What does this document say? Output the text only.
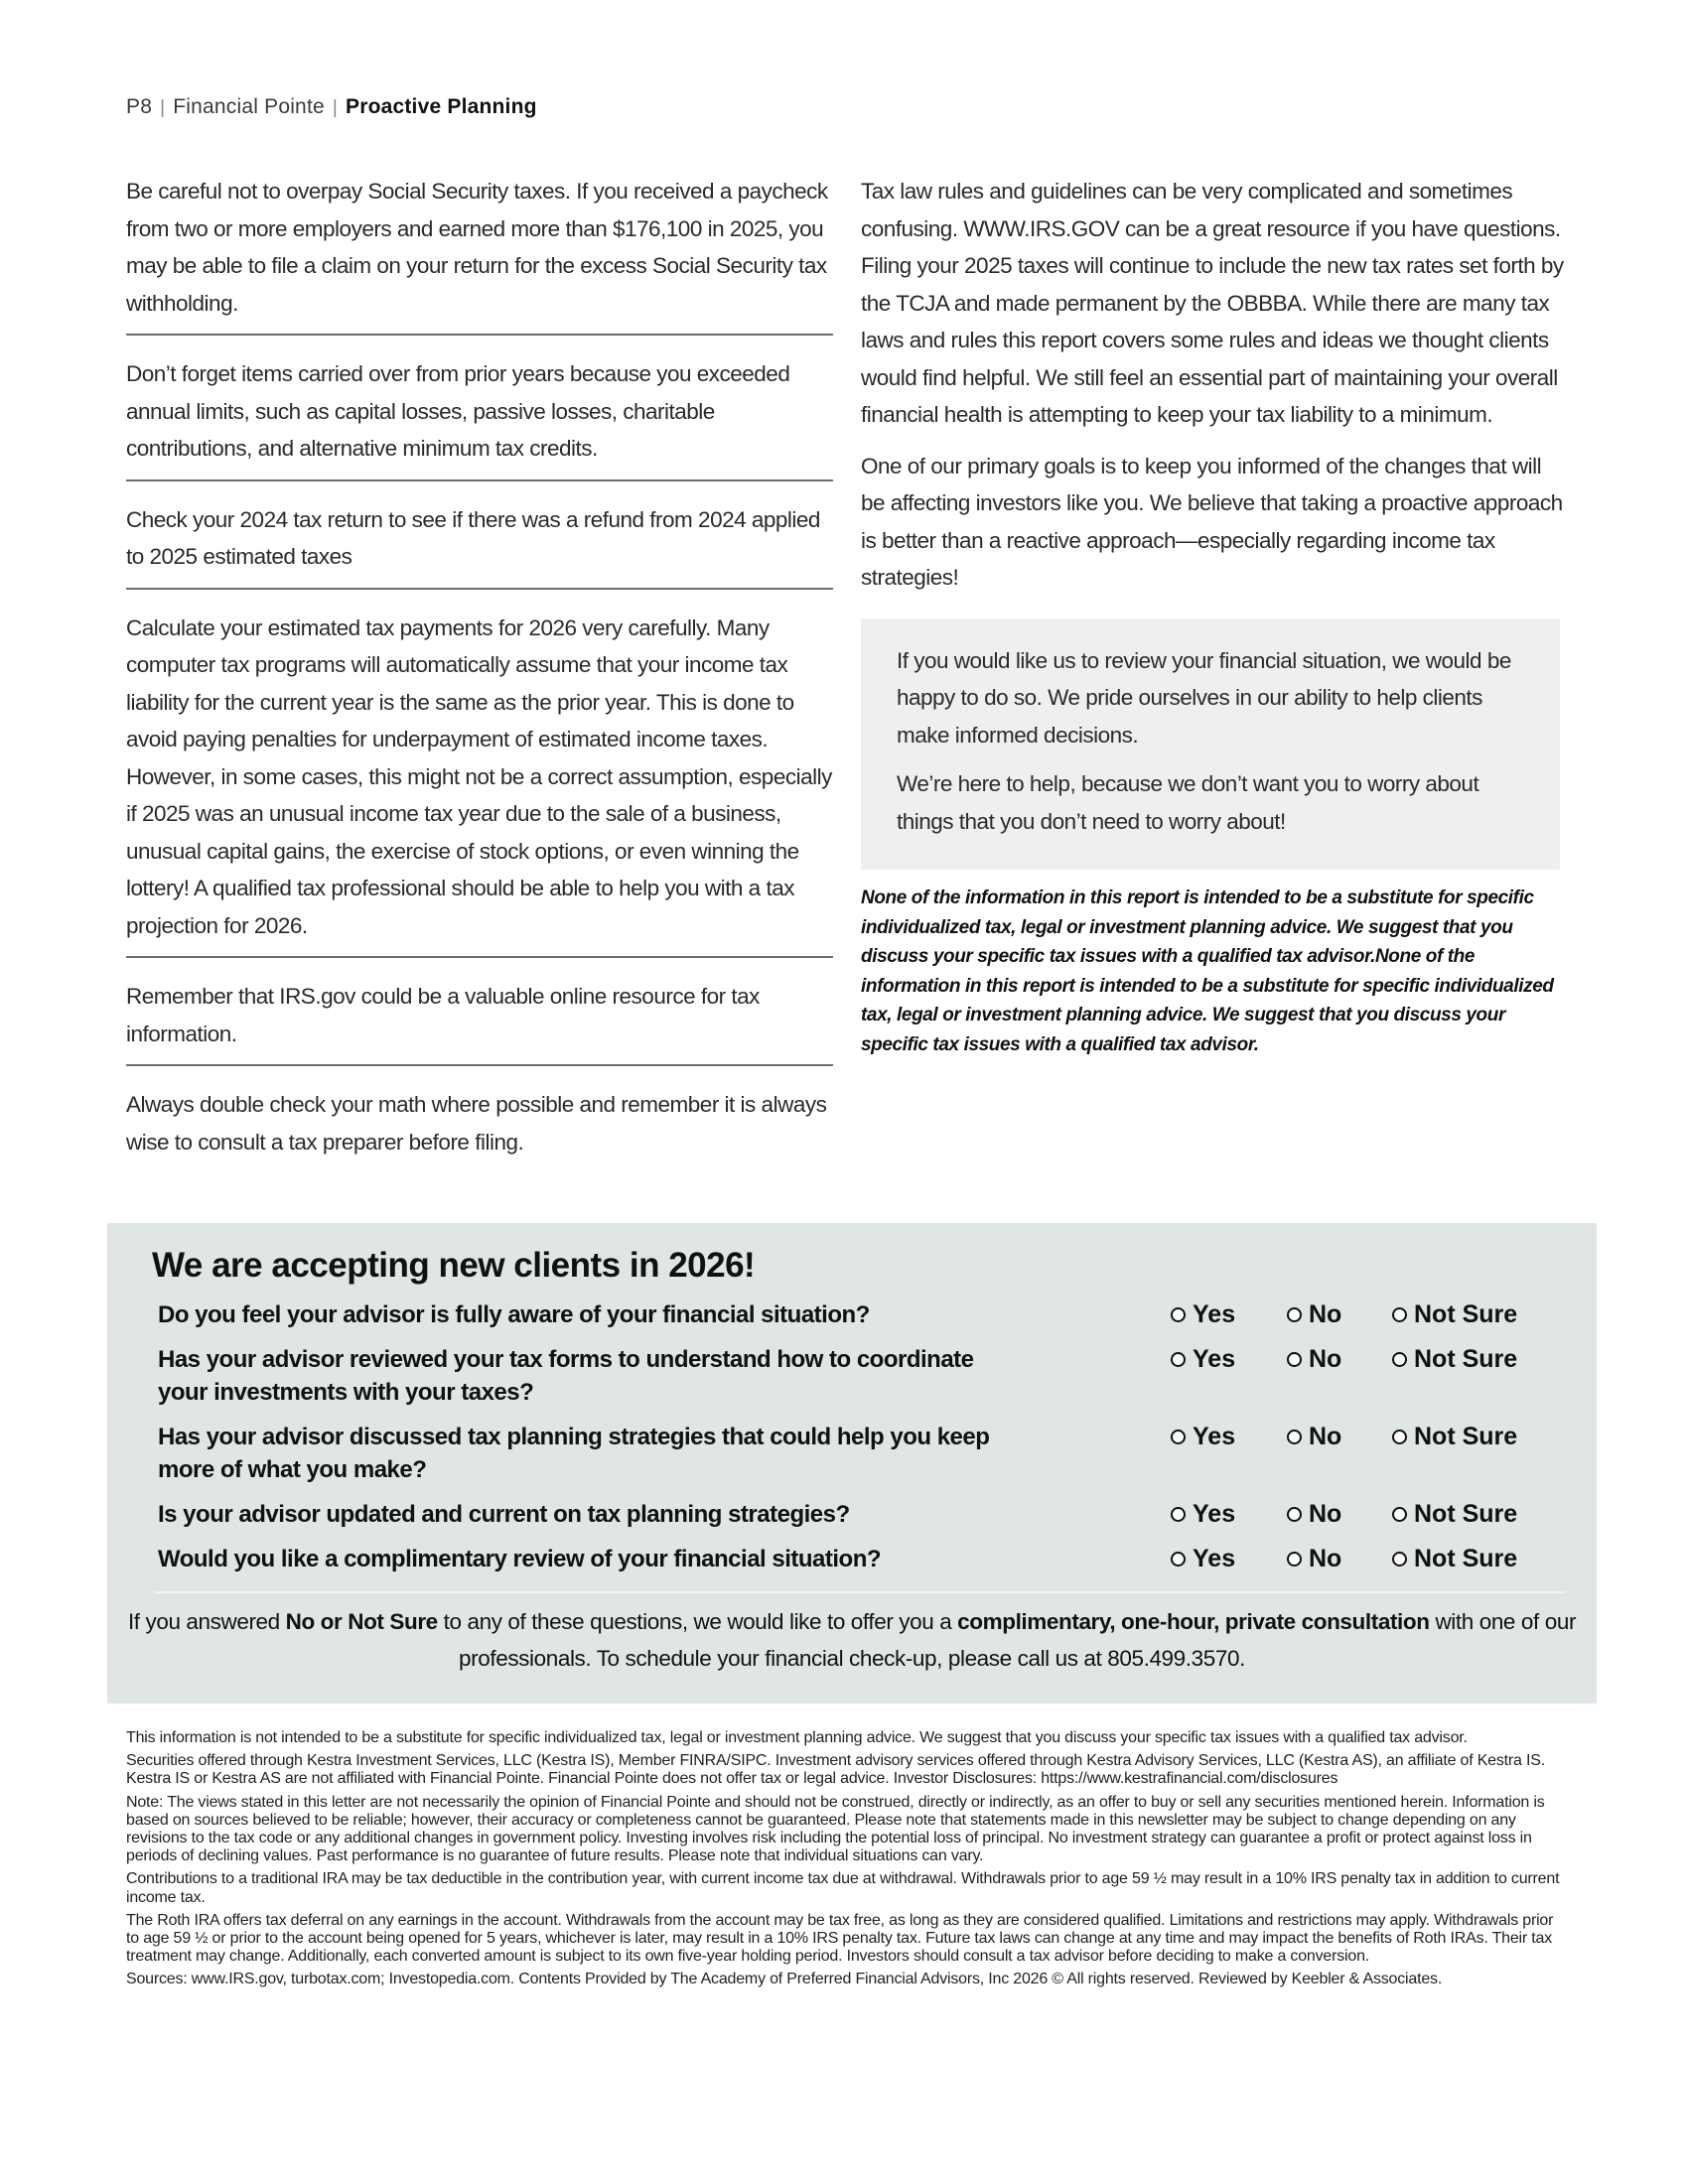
P8 | Financial Pointe | Proactive Planning
Be careful not to overpay Social Security taxes. If you received a paycheck from two or more employers and earned more than $176,100 in 2025, you may be able to file a claim on your return for the excess Social Security tax withholding.
Don’t forget items carried over from prior years because you exceeded annual limits, such as capital losses, passive losses, charitable contributions, and alternative minimum tax credits.
Check your 2024 tax return to see if there was a refund from 2024 applied to 2025 estimated taxes
Calculate your estimated tax payments for 2026 very carefully. Many computer tax programs will automatically assume that your income tax liability for the current year is the same as the prior year. This is done to avoid paying penalties for underpayment of estimated income taxes. However, in some cases, this might not be a correct assumption, especially if 2025 was an unusual income tax year due to the sale of a business, unusual capital gains, the exercise of stock options, or even winning the lottery! A qualified tax professional should be able to help you with a tax projection for 2026.
Remember that IRS.gov could be a valuable online resource for tax information.
Always double check your math where possible and remember it is always wise to consult a tax preparer before filing.

Tax law rules and guidelines can be very complicated and sometimes confusing. WWW.IRS.GOV can be a great resource if you have questions. Filing your 2025 taxes will continue to include the new tax rates set forth by the TCJA and made permanent by the OBBBA. While there are many tax laws and rules this report covers some rules and ideas we thought clients would find helpful. We still feel an essential part of maintaining your overall financial health is attempting to keep your tax liability to a minimum.

One of our primary goals is to keep you informed of the changes that will be affecting investors like you. We believe that taking a proactive approach is better than a reactive approach—especially regarding income tax strategies!

If you would like us to review your financial situation, we would be happy to do so. We pride ourselves in our ability to help clients make informed decisions.

We’re here to help, because we don’t want you to worry about things that you don’t need to worry about!

None of the information in this report is intended to be a substitute for specific individualized tax, legal or investment planning advice. We suggest that you discuss your specific tax issues with a qualified tax advisor.None of the information in this report is intended to be a substitute for specific individualized tax, legal or investment planning advice. We suggest that you discuss your specific tax issues with a qualified tax advisor.
We are accepting new clients in 2026!
Do you feel your advisor is fully aware of your financial situation?	Yes	No	Not Sure
Has your advisor reviewed your tax forms to understand how to coordinate your investments with your taxes?
Yes	No	Not Sure
Has your advisor discussed tax planning strategies that could help you keep more of what you make?
Yes	No	Not Sure
Is your advisor updated and current on tax planning strategies?	Yes	No	Not Sure
Would you like a complimentary review of your financial situation?	Yes	No	Not Sure
If you answered No or Not Sure to any of these questions, we would like to offer you a complimentary, one-hour, private consultation with one of our professionals. To schedule your financial check-up, please call us at 805.499.3570.

This information is not intended to be a substitute for specific individualized tax, legal or investment planning advice. We suggest that you discuss your specific tax issues with a qualified tax advisor.

Securities offered through Kestra Investment Services, LLC (Kestra IS), Member FINRA/SIPC. Investment advisory services offered through Kestra Advisory Services, LLC (Kestra AS), an affiliate of Kestra IS. Kestra IS or Kestra AS are not affiliated with Financial Pointe. Financial Pointe does not offer tax or legal advice. Investor Disclosures: https://www.kestrafinancial.com/disclosures

Note: The views stated in this letter are not necessarily the opinion of Financial Pointe and should not be construed, directly or indirectly, as an offer to buy or sell any securities mentioned herein. Information is based on sources believed to be reliable; however, their accuracy or completeness cannot be guaranteed. Please note that statements made in this newsletter may be subject to change depending on any revisions to the tax code or any additional changes in government policy. Investing involves risk including the potential loss of principal. No investment strategy can guarantee a profit or protect against loss in periods of declining values. Past performance is no guarantee of future results. Please note that individual situations can vary.

Contributions to a traditional IRA may be tax deductible in the contribution year, with current income tax due at withdrawal. Withdrawals prior to age 59 ½ may result in a 10% IRS penalty tax in addition to current income tax.

The Roth IRA offers tax deferral on any earnings in the account. Withdrawals from the account may be tax free, as long as they are considered qualified. Limitations and restrictions may apply. Withdrawals prior to age 59 ½ or prior to the account being opened for 5 years, whichever is later, may result in a 10% IRS penalty tax. Future tax laws can change at any time and may impact the benefits of Roth IRAs. Their tax treatment may change. Additionally, each converted amount is subject to its own five-year holding period. Investors should consult a tax advisor before deciding to make a conversion.

Sources: www.IRS.gov, turbotax.com; Investopedia.com. Contents Provided by The Academy of Preferred Financial Advisors, Inc 2026 © All rights reserved. Reviewed by Keebler & Associates.
